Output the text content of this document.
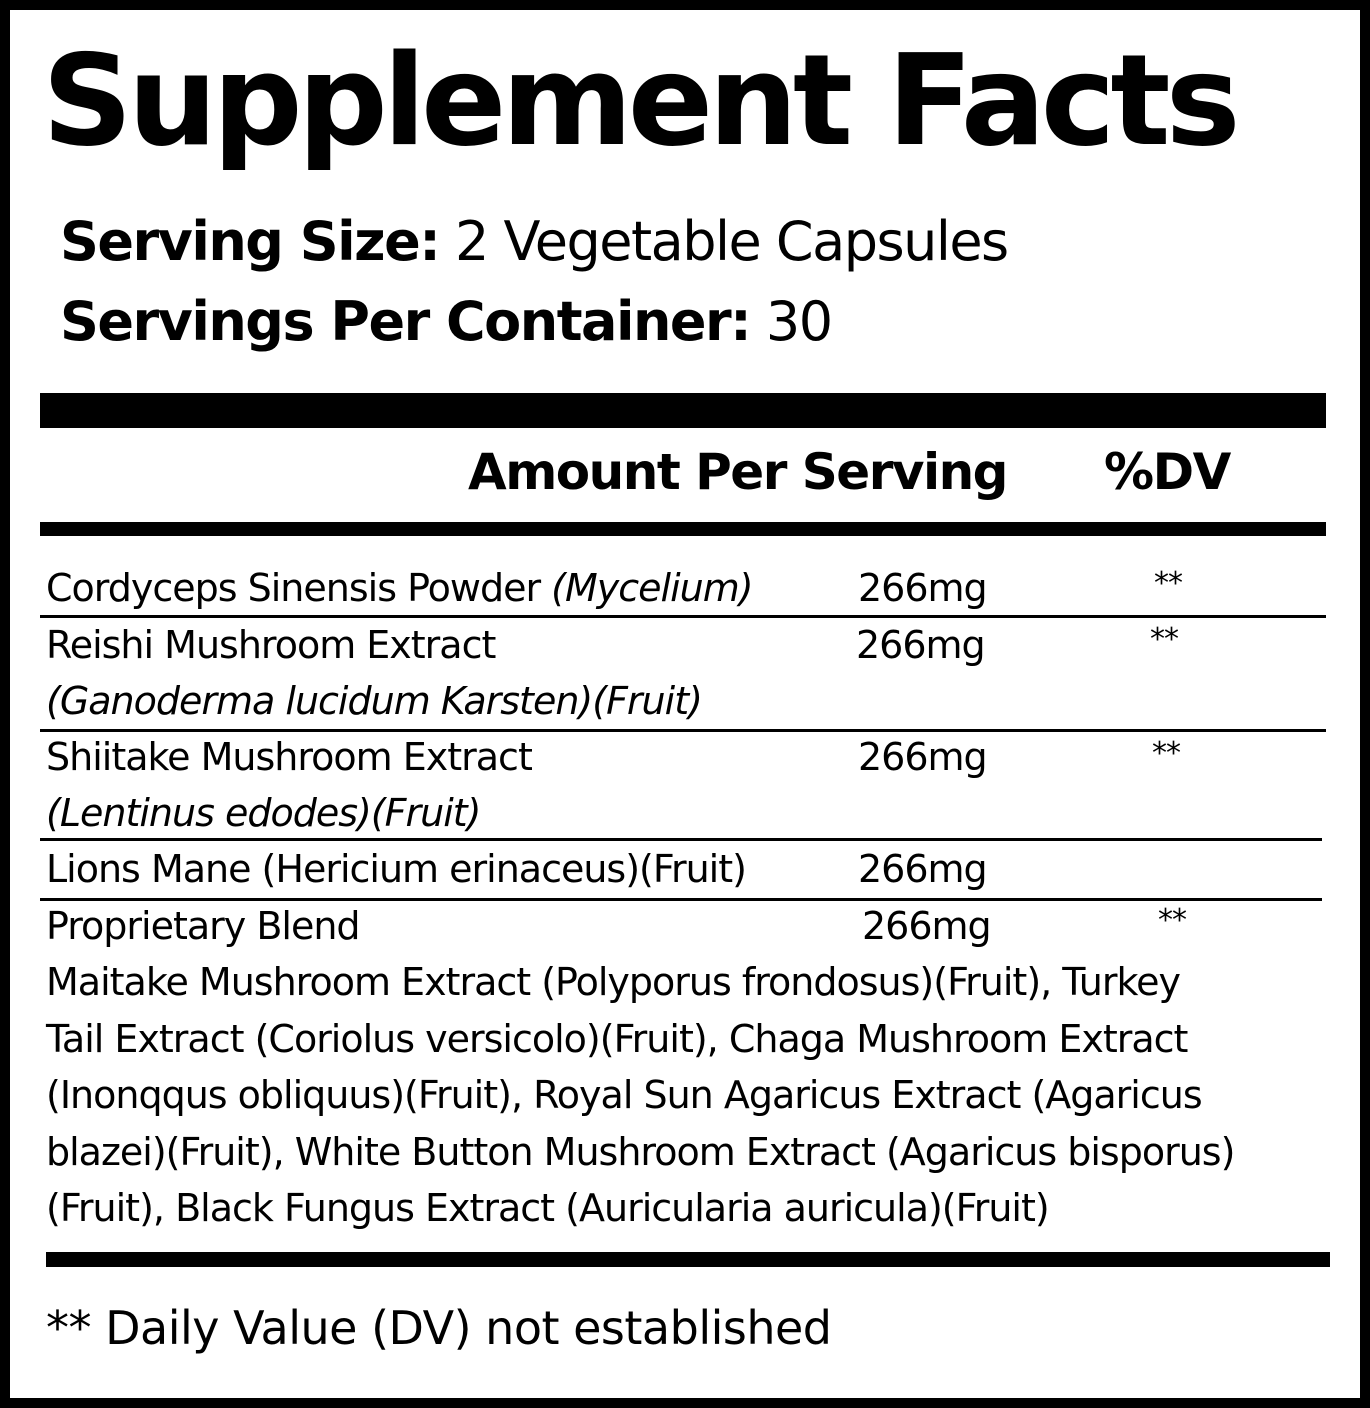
Supplement Facts
Serving Size: 2 Vegetable Capsules
Servings Per Container: 30
Amount Per Serving %DV
Cordyceps Sinensis Powder (Mycelium)	266mg	**
Reishi Mushroom Extract
(Ganoderma lucidum Karsten)(Fruit)
266mg	**
Shiitake Mushroom Extract
(Lentinus edodes)(Fruit)
266mg	**
Lions Mane (Hericium erinaceus)(Fruit)	266mg
Proprietary Blend	266mg	**
Maitake Mushroom Extract (Polyporus frondosus)(Fruit), Turkey
Tail Extract (Coriolus versicolo)(Fruit), Chaga Mushroom Extract
(Inonqqus obliquus)(Fruit), Royal Sun Agaricus Extract (Agaricus
blazei)(Fruit), White Button Mushroom Extract (Agaricus bisporus)
(Fruit), Black Fungus Extract (Auricularia auricula)(Fruit)
** Daily Value (DV) not established
